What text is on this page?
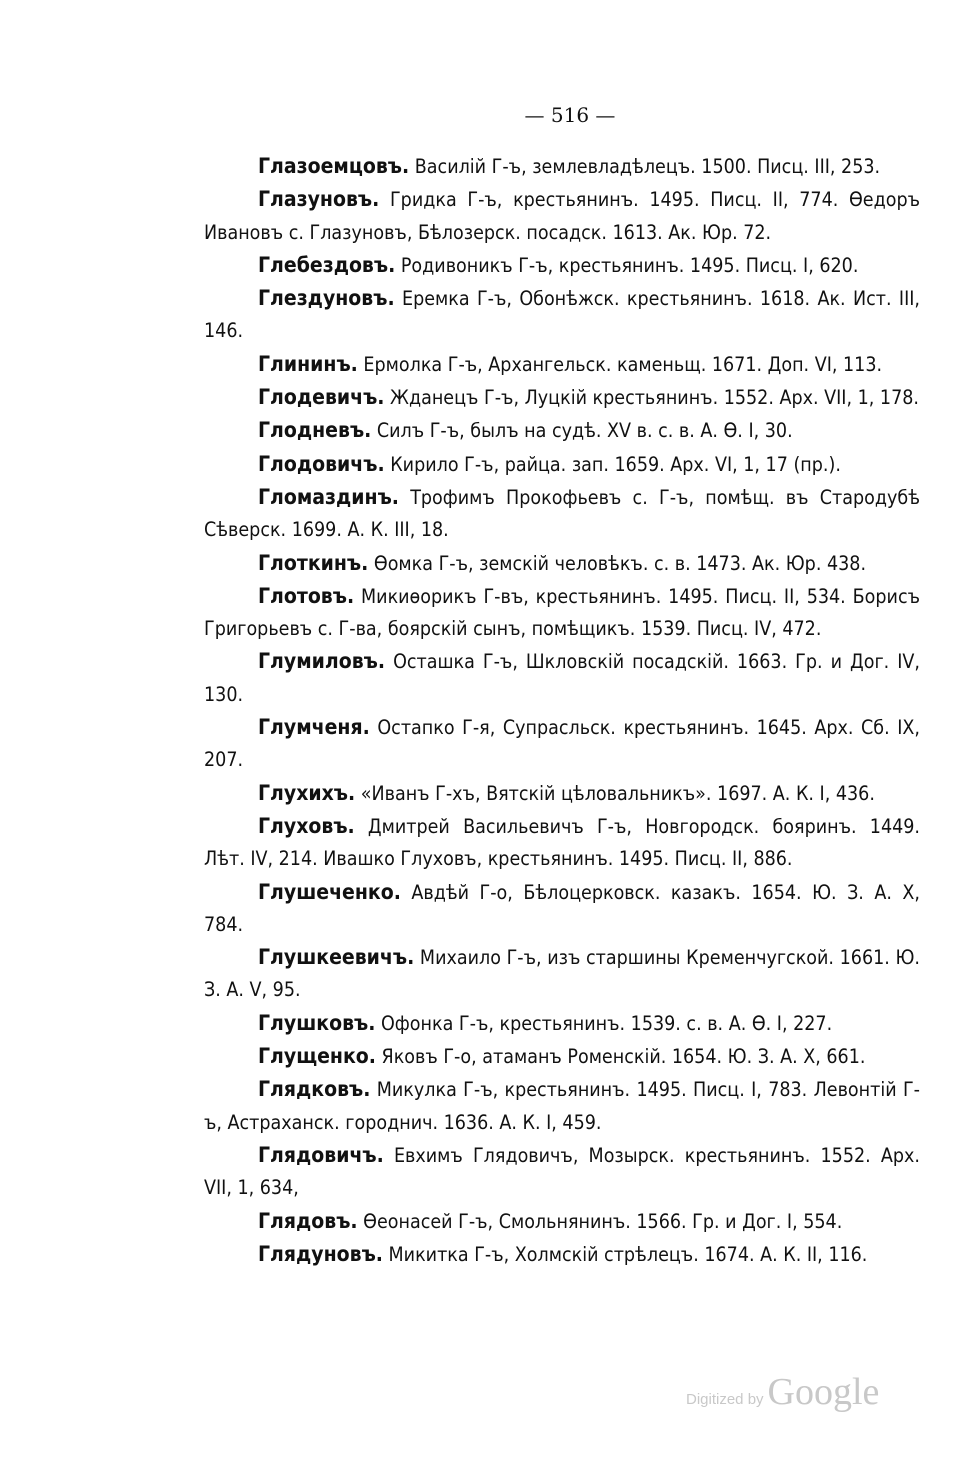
— 516 —

Глазоемцовъ. Василій Г-ъ, землевладѣлецъ. 1500. Писц. III, 253.

Глазуновъ. Гридка Г-ъ, крестьянинъ. 1495. Писц. II, 774. Ѳедоръ Ивановъ с. Глазуновъ, Бѣлозерск. посадск. 1613. Ак. Юр. 72.

Глебездовъ. Родивоникъ Г-ъ, крестьянинъ. 1495. Писц. I, 620.

Глездуновъ. Еремка Г-ъ, Обонѣжск. крестьянинъ. 1618. Ак. Ист. III, 146.

Глининъ. Ермолка Г-ъ, Архангельск. каменьщ. 1671. Доп. VI, 113.

Глодевичъ. Жданецъ Г-ъ, Луцкій крестьянинъ. 1552. Арх. VII, 1, 178.

Глодневъ. Силъ Г-ъ, былъ на судѣ. XV в. с. в. А. Ѳ. I, 30.

Глодовичъ. Кирило Г-ъ, райца. зап. 1659. Арх. VI, 1, 17 (пр.).

Гломаздинъ. Трофимъ Прокофьевъ с. Г-ъ, помѣщ. въ Стародубѣ Сѣверск. 1699. А. К. III, 18.

Глоткинъ. Ѳомка Г-ъ, земскій человѣкъ. с. в. 1473. Ак. Юр. 438.

Глотовъ. Микиѳорикъ Г-въ, крестьянинъ. 1495. Писц. II, 534. Борисъ Григорьевъ с. Г-ва, боярскій сынъ, помѣщикъ. 1539. Писц. IV, 472.

Глумиловъ. Осташка Г-ъ, Шкловскій посадскій. 1663. Гр. и Дог. IV, 130.

Глумченя. Остапко Г-я, Супрасльск. крестьянинъ. 1645. Арх. Сб. IX, 207.

Глухихъ. «Иванъ Г-хъ, Вятскій цѣловальникъ». 1697. А. К. I, 436.

Глуховъ. Дмитрей Васильевичъ Г-ъ, Новгородск. бояринъ. 1449. Лѣт. IV, 214. Ивашко Глуховъ, крестьянинъ. 1495. Писц. II, 886.

Глушеченко. Авдѣй Г-о, Бѣлоцерковск. казакъ. 1654. Ю. З. А. X, 784.

Глушкеевичъ. Михаило Г-ъ, изъ старшины Кременчугской. 1661. Ю. З. А. V, 95.

Глушковъ. Офонка Г-ъ, крестьянинъ. 1539. с. в. А. Ѳ. I, 227.

Глущенко. Яковъ Г-о, атаманъ Роменскій. 1654. Ю. З. А. X, 661.

Глядковъ. Микулка Г-ъ, крестьянинъ. 1495. Писц. I, 783. Левонтій Г-ъ, Астраханск. городнич. 1636. А. К. I, 459.

Глядовичъ. Евхимъ Глядовичъ, Мозырск. крестьянинъ. 1552. Арх. VII, 1, 634,

Глядовъ. Ѳеонасей Г-ъ, Смольнянинъ. 1566. Гр. и Дог. I, 554.

Глядуновъ. Микитка Г-ъ, Холмскій стрѣлецъ. 1674. А. К. II, 116.

Digitized by Google
